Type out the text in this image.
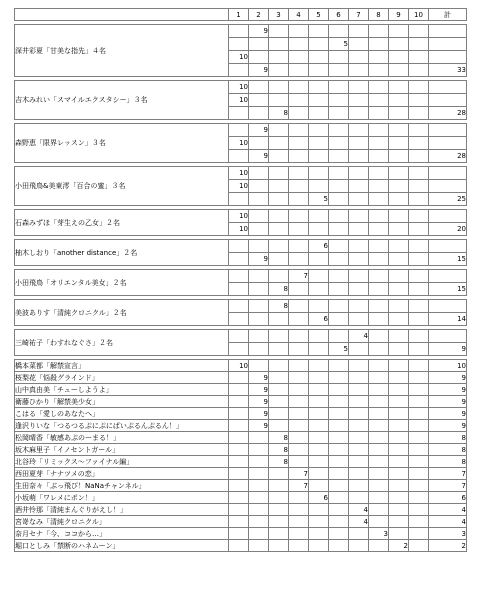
	1	2	3	4	5	6	7	8	9	10	計

深井彩夏「甘美な指先」４名		9									
						5					
	10										
		9									33

吉木みれい「スマイルエクスタシー」３名	10										
	10										
			8								28

森野恵「限界レッスン」３名		9									
	10										
		9									28

小田飛鳥&美東澪「百合の蜜」３名	10										
	10										
					5						25

石森みずほ「芽生えの乙女」２名	10										
	10										20

柚木しおり「another distance」２名					6						
		9									15

小田飛鳥「オリエンタル美女」２名				7							
			8								15

美波ありす「清純クロニクル」２名			8								
					6						14

三崎祐子「わすれなぐさ」２名							4				
						5					9

橋本菜都「解禁宣言」	10										10
桜梨花「悩殺グラインド」		9									9
山中真由美「チューしようよ」		9									9
衛藤ひかり「解禁美少女」		9									9
こはる「愛しのあなたへ」		9									9
逢沢りいな「つるつるぷにぷにぱいぷるんぷるん！」		9									9
松岡晴香「敏感あぷのーまる！」			8								8
坂木麻里子「イノセントガール」			8								8
北谷玲「リミックス～ファイナル編」			8								8
西田夏芽「ナナツメの恋」				7							7
生田奈々「ぶっ飛び！NaNaチャンネル」				7							7
小坂萌「ワレメにポン！」					6						6
酒井怜那「清純まんぐりがえし！」							4				4
宮嵜なみ「清純クロニクル」							4				4
奈月セナ「今、ココから…」								3			3
堀口としみ「禁断のハネムーン」									2		2
